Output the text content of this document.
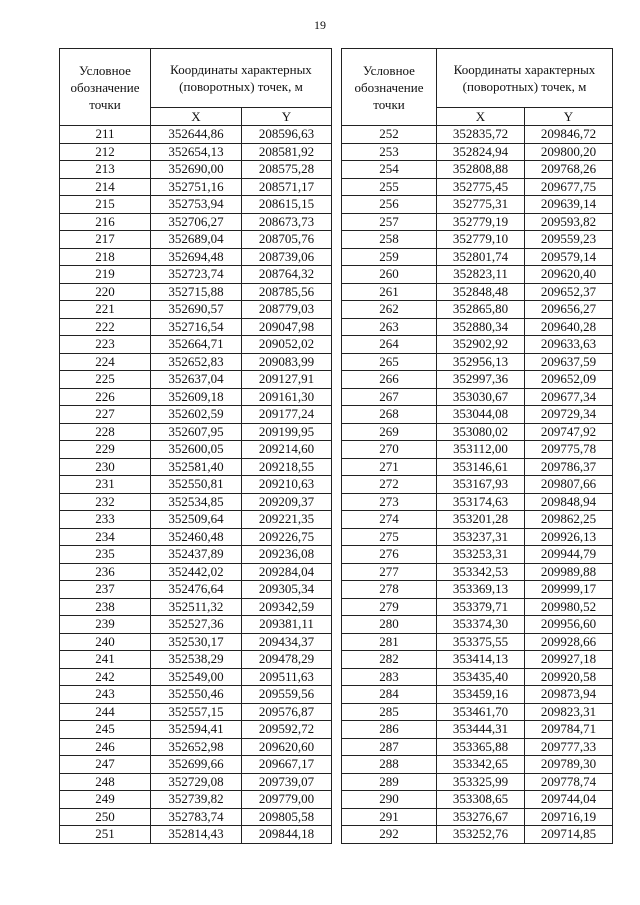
19
Условное обозначение точки	Координаты характерных (поворотных) точек, м	
	X	Y
211	352644,86	208596,63
212	352654,13	208581,92
213	352690,00	208575,28
214	352751,16	208571,17
215	352753,94	208615,15
216	352706,27	208673,73
217	352689,04	208705,76
218	352694,48	208739,06
219	352723,74	208764,32
220	352715,88	208785,56
221	352690,57	208779,03
222	352716,54	209047,98
223	352664,71	209052,02
224	352652,83	209083,99
225	352637,04	209127,91
226	352609,18	209161,30
227	352602,59	209177,24
228	352607,95	209199,95
229	352600,05	209214,60
230	352581,40	209218,55
231	352550,81	209210,63
232	352534,85	209209,37
233	352509,64	209221,35
234	352460,48	209226,75
235	352437,89	209236,08
236	352442,02	209284,04
237	352476,64	209305,34
238	352511,32	209342,59
239	352527,36	209381,11
240	352530,17	209434,37
241	352538,29	209478,29
242	352549,00	209511,63
243	352550,46	209559,56
244	352557,15	209576,87
245	352594,41	209592,72
246	352652,98	209620,60
247	352699,66	209667,17
248	352729,08	209739,07
249	352739,82	209779,00
250	352783,74	209805,58
251	352814,43	209844,18
Условное обозначение точки	Координаты характерных (поворотных) точек, м	
	X	Y
252	352835,72	209846,72
253	352824,94	209800,20
254	352808,88	209768,26
255	352775,45	209677,75
256	352775,31	209639,14
257	352779,19	209593,82
258	352779,10	209559,23
259	352801,74	209579,14
260	352823,11	209620,40
261	352848,48	209652,37
262	352865,80	209656,27
263	352880,34	209640,28
264	352902,92	209633,63
265	352956,13	209637,59
266	352997,36	209652,09
267	353030,67	209677,34
268	353044,08	209729,34
269	353080,02	209747,92
270	353112,00	209775,78
271	353146,61	209786,37
272	353167,93	209807,66
273	353174,63	209848,94
274	353201,28	209862,25
275	353237,31	209926,13
276	353253,31	209944,79
277	353342,53	209989,88
278	353369,13	209999,17
279	353379,71	209980,52
280	353374,30	209956,60
281	353375,55	209928,66
282	353414,13	209927,18
283	353435,40	209920,58
284	353459,16	209873,94
285	353461,70	209823,31
286	353444,31	209784,71
287	353365,88	209777,33
288	353342,65	209789,30
289	353325,99	209778,74
290	353308,65	209744,04
291	353276,67	209716,19
292	353252,76	209714,85
